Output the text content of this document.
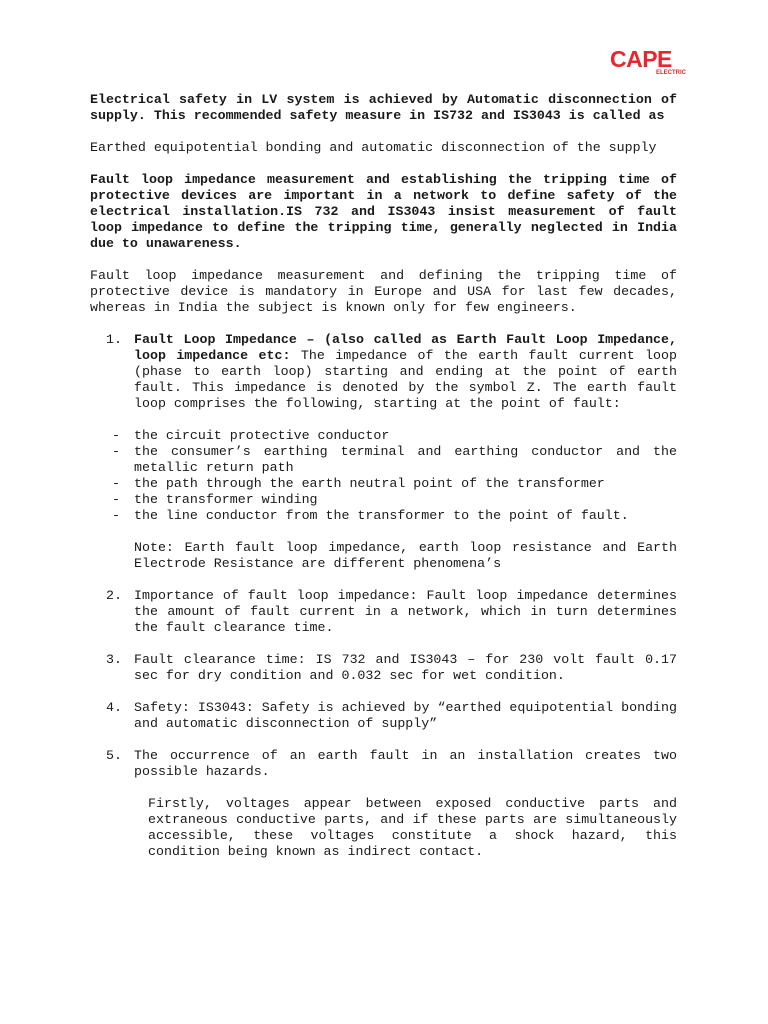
CAPE
ELECTRIC

Electrical safety in LV system is achieved by Automatic disconnection of supply. This recommended safety measure in IS732 and IS3043 is called as

Earthed equipotential bonding and automatic disconnection of the supply

Fault loop impedance measurement and establishing the tripping time of protective devices are important in a network to define safety of the electrical installation.IS 732 and IS3043 insist measurement of fault loop impedance to define the tripping time, generally neglected in India due to unawareness.

Fault loop impedance measurement and defining the tripping time of protective device is mandatory in Europe and USA for last few decades, whereas in India the subject is known only for few engineers.

1. Fault Loop Impedance – (also called as Earth Fault Loop Impedance, loop impedance etc: The impedance of the earth fault current loop (phase to earth loop) starting and ending at the point of earth fault. This impedance is denoted by the symbol Z. The earth fault loop comprises the following, starting at the point of fault:

- the circuit protective conductor
- the consumer’s earthing terminal and earthing conductor and the metallic return path
- the path through the earth neutral point of the transformer
- the transformer winding
- the line conductor from the transformer to the point of fault.

Note: Earth fault loop impedance, earth loop resistance and Earth Electrode Resistance are different phenomena’s

2. Importance of fault loop impedance: Fault loop impedance determines the amount of fault current in a network, which in turn determines the fault clearance time.

3. Fault clearance time: IS 732 and IS3043 – for 230 volt fault 0.17 sec for dry condition and 0.032 sec for wet condition.

4. Safety: IS3043: Safety is achieved by “earthed equipotential bonding and automatic disconnection of supply”

5. The occurrence of an earth fault in an installation creates two possible hazards.

Firstly, voltages appear between exposed conductive parts and extraneous conductive parts, and if these parts are simultaneously accessible, these voltages constitute a shock hazard, this condition being known as indirect contact.
